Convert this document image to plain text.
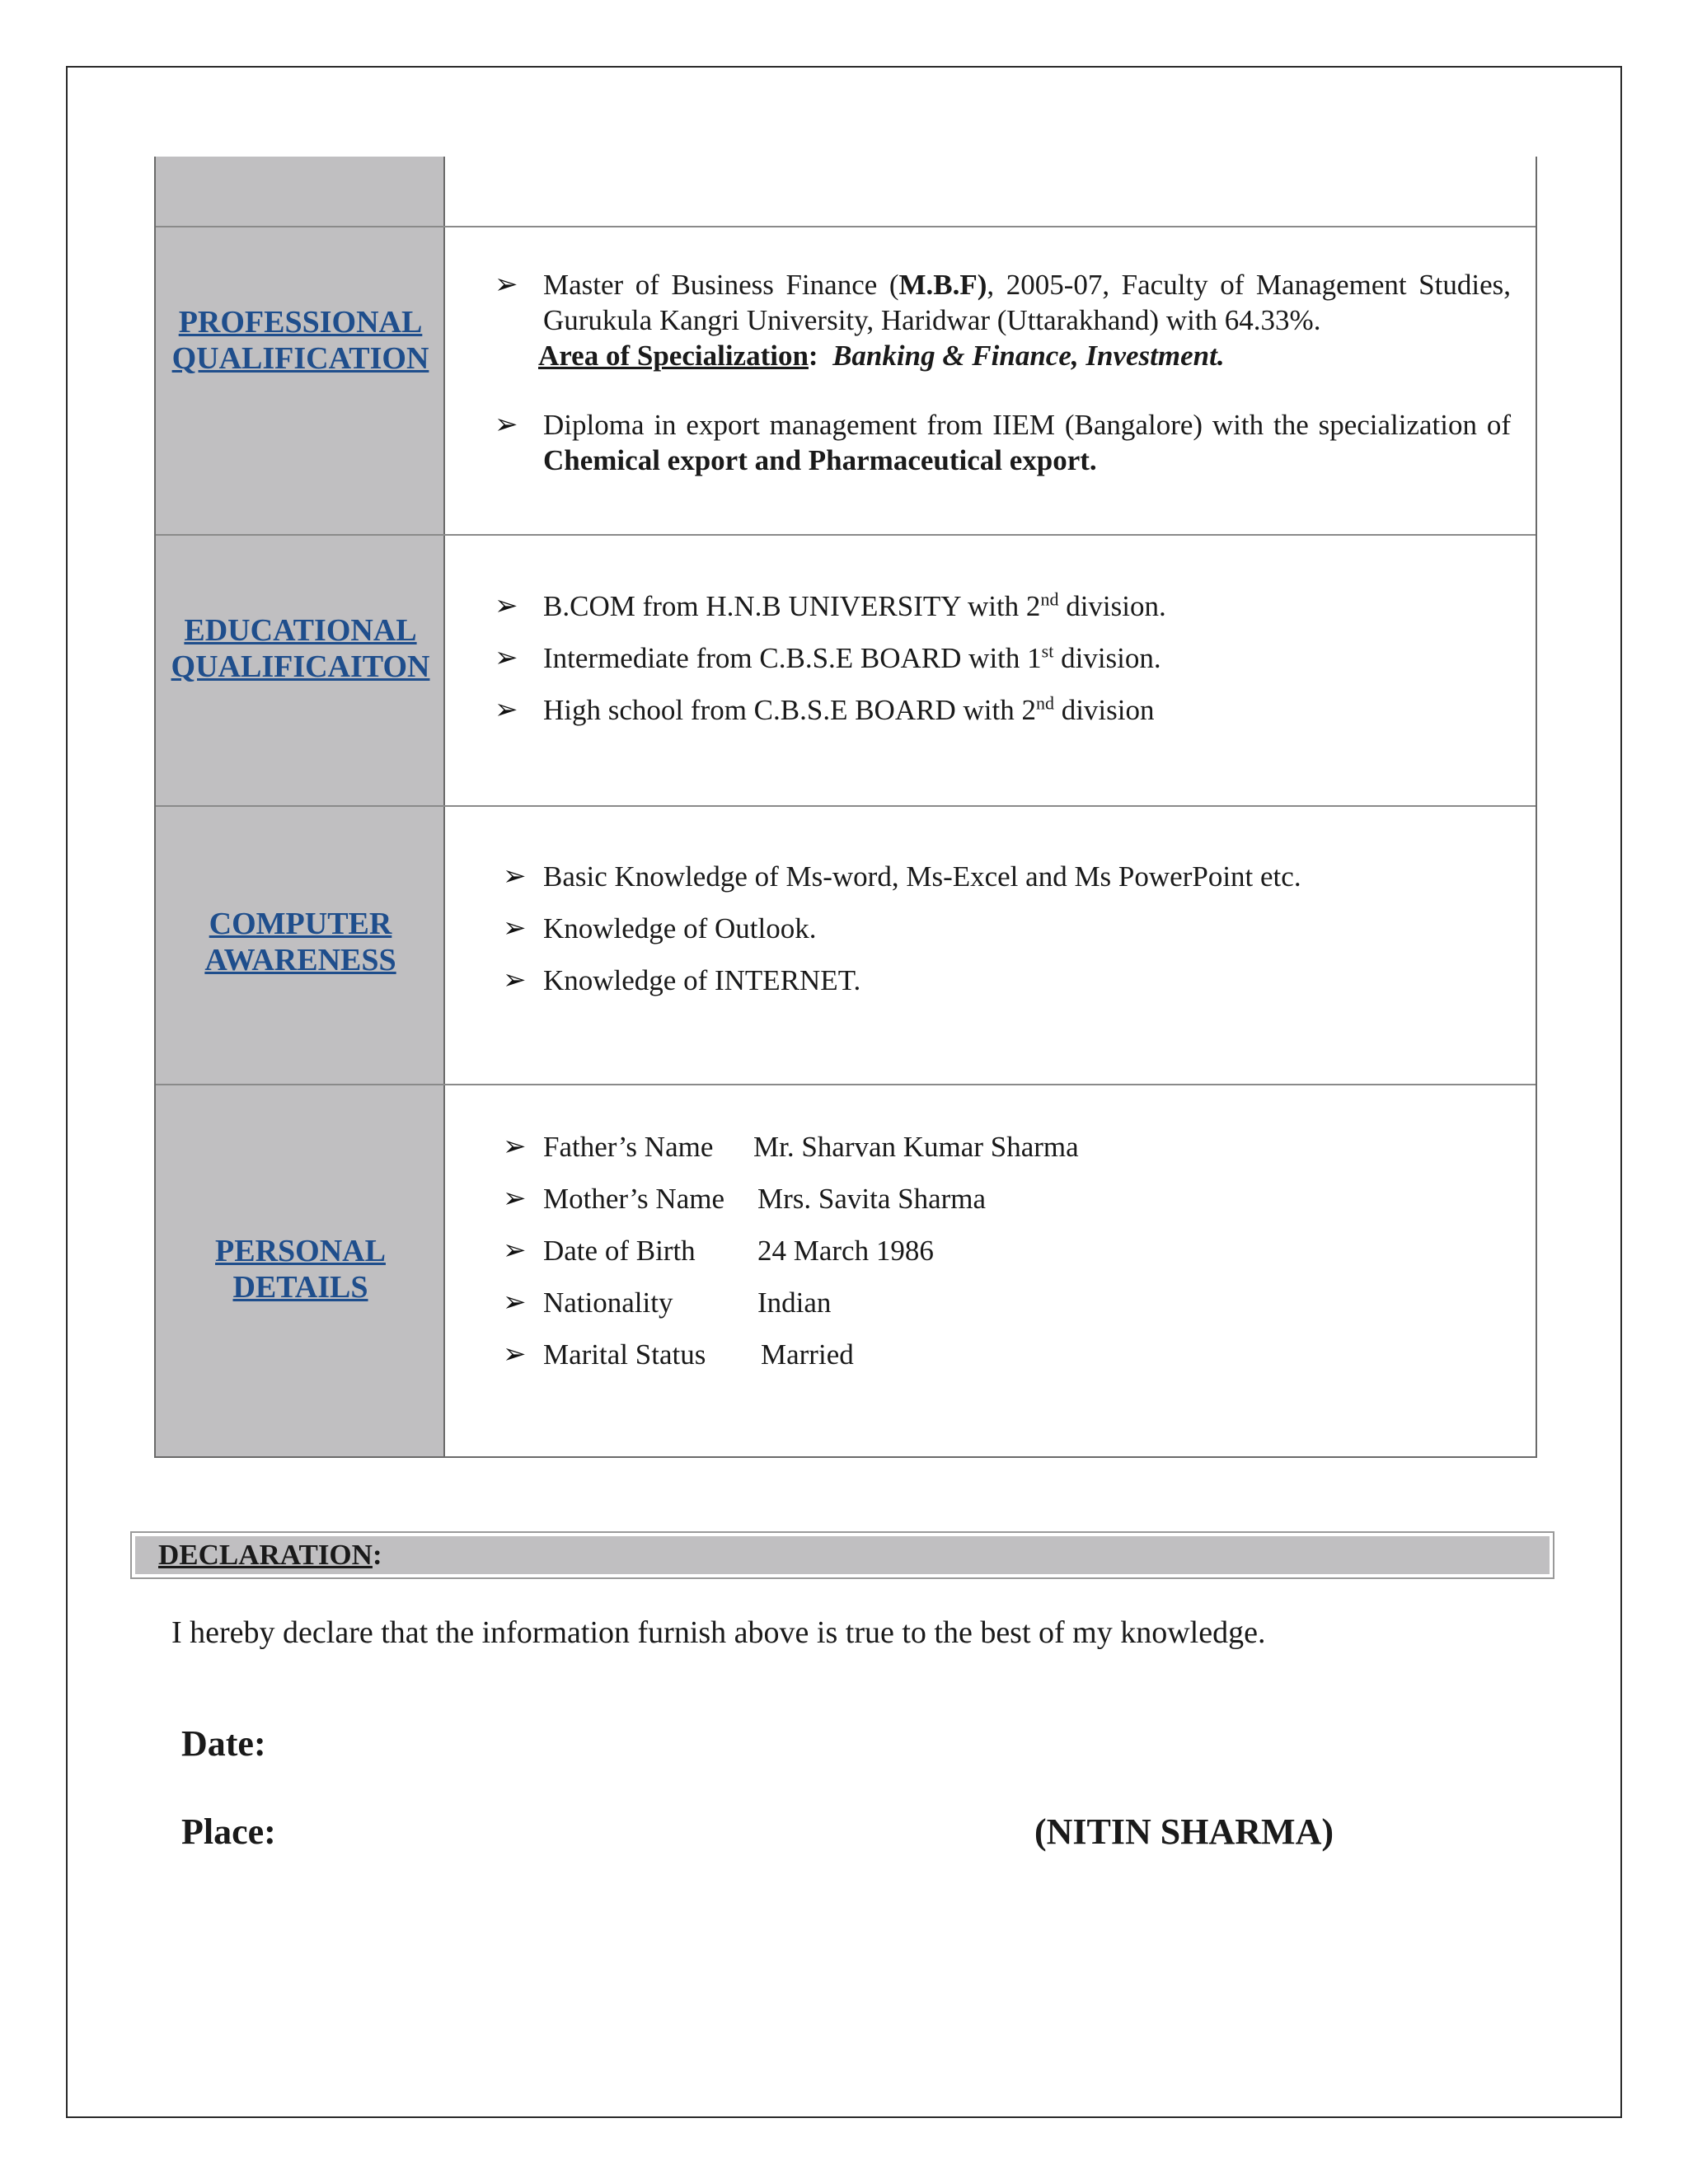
PROFESSIONAL
QUALIFICATION
➢ Master of Business Finance (M.B.F), 2005-07, Faculty of Management Studies, Gurukula Kangri University, Haridwar (Uttarakhand) with 64.33%.
Area of Specialization: Banking & Finance, Investment.
➢ Diploma in export management from IIEM (Bangalore) with the specialization of Chemical export and Pharmaceutical export.
EDUCATIONAL
QUALIFICAITON
➢ B.COM from H.N.B UNIVERSITY with 2nd division.
➢ Intermediate from C.B.S.E BOARD with 1st division.
➢ High school from C.B.S.E BOARD with 2nd division
COMPUTER
AWARENESS
➢ Basic Knowledge of Ms-word, Ms-Excel and Ms PowerPoint etc.
➢ Knowledge of Outlook.
➢ Knowledge of INTERNET.
PERSONAL
DETAILS
➢ Father’s Name Mr. Sharvan Kumar Sharma
➢ Mother’s Name Mrs. Savita Sharma
➢ Date of Birth 24 March 1986
➢ Nationality	Indian
➢ Marital Status Married
DECLARATION:
I hereby declare that the information furnish above is true to the best of my knowledge.
Date:
Place:	(NITIN SHARMA)
